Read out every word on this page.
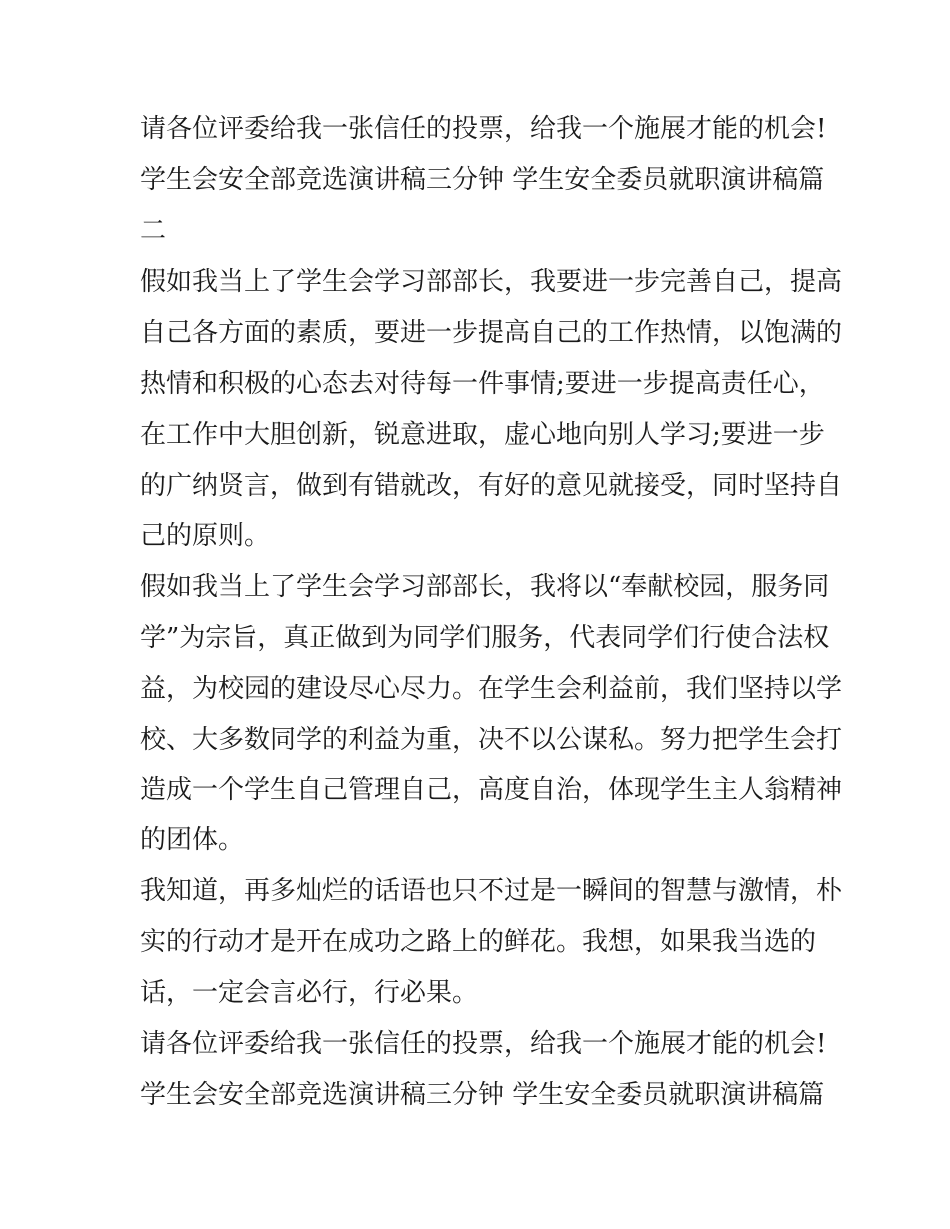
请各位评委给我一张信任的投票，给我一个施展才能的机会!
学生会安全部竞选演讲稿三分钟 学生安全委员就职演讲稿篇
二
假如我当上了学生会学习部部长，我要进一步完善自己，提高
自己各方面的素质，要进一步提高自己的工作热情，以饱满的
热情和积极的心态去对待每一件事情;要进一步提高责任心，
在工作中大胆创新，锐意进取，虚心地向别人学习;要进一步
的广纳贤言，做到有错就改，有好的意见就接受，同时坚持自
己的原则。
假如我当上了学生会学习部部长，我将以“奉献校园，服务同
学”为宗旨，真正做到为同学们服务，代表同学们行使合法权
益，为校园的建设尽心尽力。在学生会利益前，我们坚持以学
校、大多数同学的利益为重，决不以公谋私。努力把学生会打
造成一个学生自己管理自己，高度自治，体现学生主人翁精神
的团体。
我知道，再多灿烂的话语也只不过是一瞬间的智慧与激情，朴
实的行动才是开在成功之路上的鲜花。我想，如果我当选的
话，一定会言必行，行必果。
请各位评委给我一张信任的投票，给我一个施展才能的机会!
学生会安全部竞选演讲稿三分钟 学生安全委员就职演讲稿篇
